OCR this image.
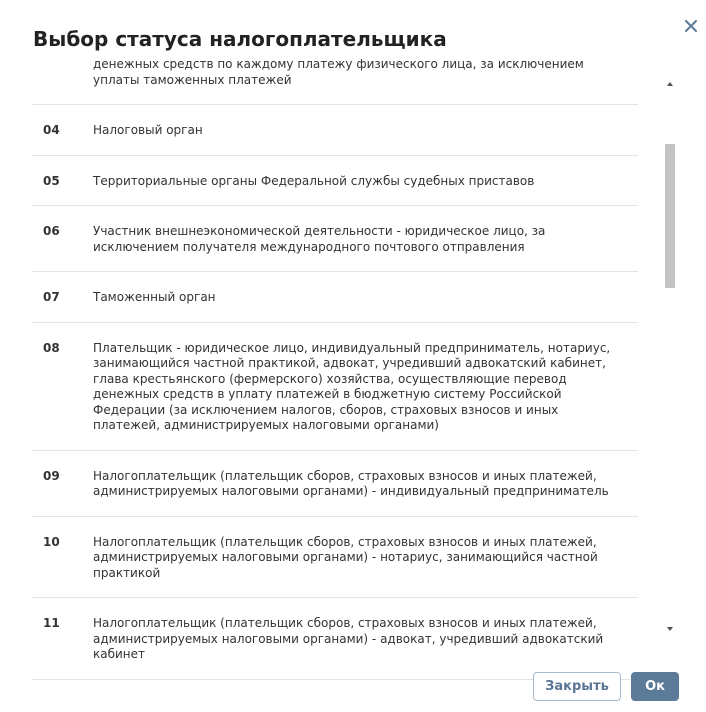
Выбор статуса налогоплательщика
денежных средств по каждому платежу физического лица, за исключением уплаты таможенных платежей
04	Налоговый орган
05	Территориальные органы Федеральной службы судебных приставов
06	Участник внешнеэкономической деятельности - юридическое лицо, за исключением получателя международного почтового отправления
07	Таможенный орган
08	Плательщик - юридическое лицо, индивидуальный предприниматель, нотариус, занимающийся частной практикой, адвокат, учредивший адвокатский кабинет, глава крестьянского (фермерского) хозяйства, осуществляющие перевод денежных средств в уплату платежей в бюджетную систему Российской Федерации (за исключением налогов, сборов, страховых взносов и иных платежей, администрируемых налоговыми органами)
09	Налогоплательщик (плательщик сборов, страховых взносов и иных платежей, администрируемых налоговыми органами) - индивидуальный предприниматель
10	Налогоплательщик (плательщик сборов, страховых взносов и иных платежей, администрируемых налоговыми органами) - нотариус, занимающийся частной практикой
11	Налогоплательщик (плательщик сборов, страховых взносов и иных платежей, администрируемых налоговыми органами) - адвокат, учредивший адвокатский кабинет
Закрыть	Ок
